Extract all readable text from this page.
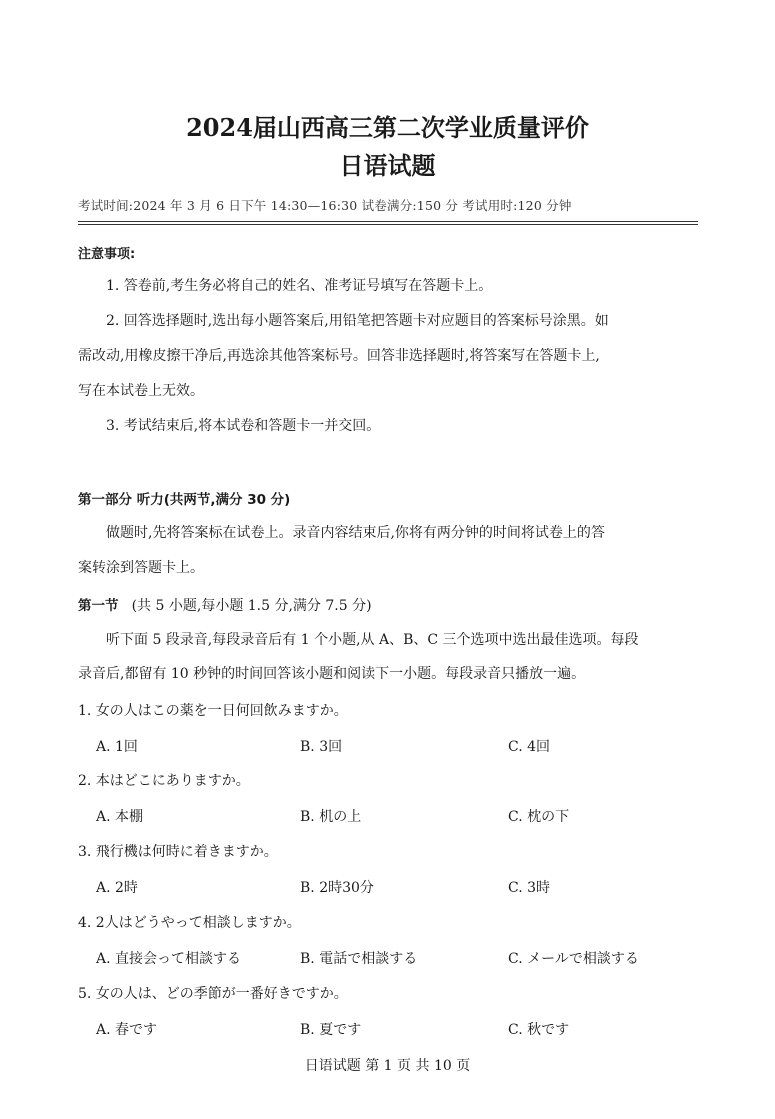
2024届山西高三第二次学业质量评价
日语试题
考试时间:2024 年 3 月 6 日下午 14:30—16:30 试卷满分:150 分 考试用时:120 分钟
注意事项:
1. 答卷前,考生务必将自己的姓名、准考证号填写在答题卡上。
2. 回答选择题时,选出每小题答案后,用铅笔把答题卡对应题目的答案标号涂黑。如
需改动,用橡皮擦干净后,再选涂其他答案标号。回答非选择题时,将答案写在答题卡上,
写在本试卷上无效。
3. 考试结束后,将本试卷和答题卡一并交回。
第一部分 听力(共两节,满分 30 分)
做题时,先将答案标在试卷上。录音内容结束后,你将有两分钟的时间将试卷上的答
案转涂到答题卡上。
第一节 (共 5 小题,每小题 1.5 分,满分 7.5 分)
听下面 5 段录音,每段录音后有 1 个小题,从 A、B、C 三个选项中选出最佳选项。每段
录音后,都留有 10 秒钟的时间回答该小题和阅读下一小题。每段录音只播放一遍。
1. 女の人はこの薬を一日何回飲みますか。
A. 1回	B. 3回	C. 4回
2. 本はどこにありますか。
A. 本棚	B. 机の上	C. 枕の下
3. 飛行機は何時に着きますか。
A. 2時	B. 2時30分	C. 3時
4. 2人はどうやって相談しますか。
A. 直接会って相談する	B. 電話で相談する	C. メールで相談する
5. 女の人は、どの季節が一番好きですか。
A. 春です	B. 夏です	C. 秋です
日语试题 第 1 页 共 10 页
